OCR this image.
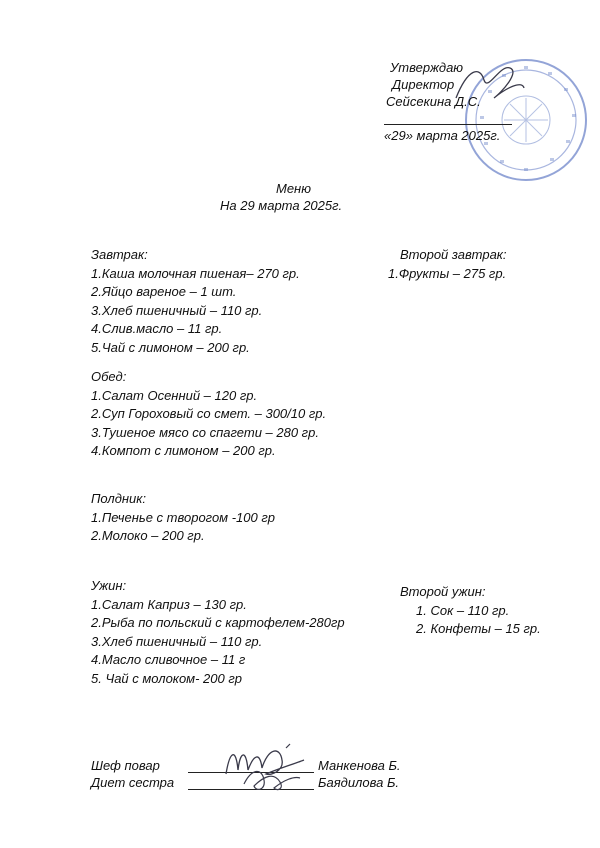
Утверждаю
Директор
Сейсекина Д.С.
«29» марта 2025г.
Меню
На 29 марта 2025г.
Завтрак:
1.Каша молочная пшеная– 270 гр.
2.Яйцо вареное – 1 шт.
3.Хлеб пшеничный – 110 гр.
4.Слив.масло – 11 гр.
5.Чай с лимоном – 200 гр.
Второй завтрак:
1.Фрукты – 275 гр.
Обед:
1.Салат Осенний – 120 гр.
2.Суп Гороховый со смет. – 300/10 гр.
3.Тушеное мясо со спагети – 280 гр.
4.Компот с лимоном – 200 гр.
Полдник:
1.Печенье с творогом -100 гр
2.Молоко – 200 гр.
Ужин:
1.Салат Каприз – 130 гр.
2.Рыба по польский с картофелем-280гр
3.Хлеб пшеничный – 110 гр.
4.Масло сливочное – 11 г
5. Чай с молоком- 200 гр
Второй ужин:
1. Сок – 110 гр.
2. Конфеты – 15 гр.
Шеф повар	Манкенова Б.
Диет сестра	Баядилова Б.
